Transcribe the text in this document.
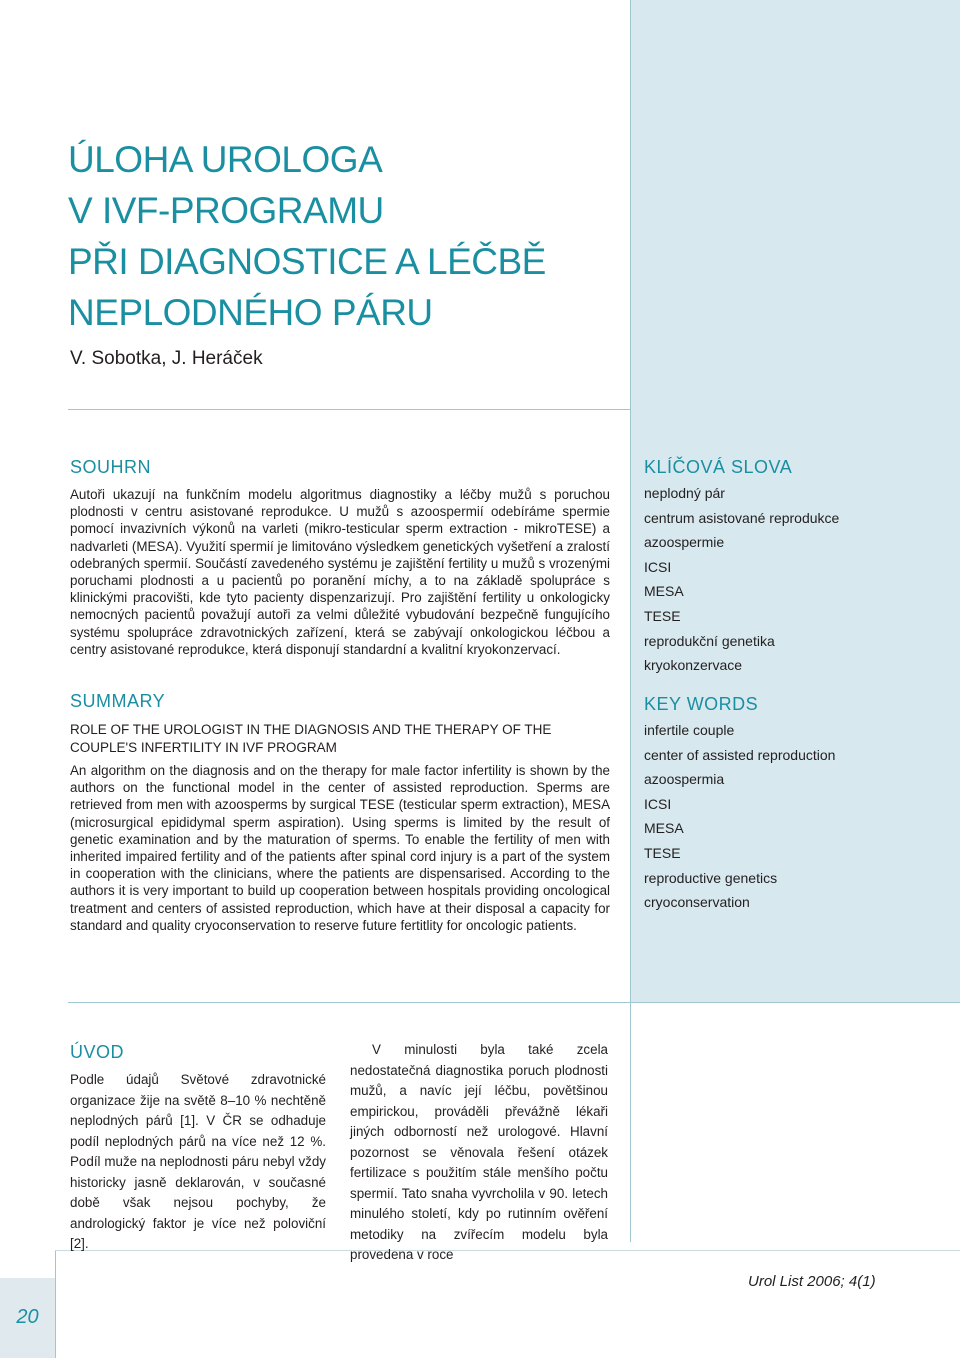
ÚLOHA UROLOGA
V IVF-PROGRAMU
PŘI DIAGNOSTICE A LÉČBĚ
NEPLODNÉHO PÁRU
V. Sobotka, J. Heráček
SOUHRN
Autoři ukazují na funkčním modelu algoritmus diagnostiky a léčby mužů s poruchou plodnosti v centru asistované reprodukce. U mužů s azoospermií odebíráme spermie pomocí invazivních výkonů na varleti (mikro-testicular sperm extraction - mikroTESE) a nadvarleti (MESA). Využití spermií je limitováno výsledkem genetických vyšetření a zralostí odebraných spermií. Součástí zavedeného systému je zajištění fertility u mužů s vrozenými poruchami plodnosti a u pacientů po poranění míchy, a to na základě spolupráce s klinickými pracovišti, kde tyto pacienty dispenzarizují. Pro zajištění fertility u onkologicky nemocných pacientů považují autoři za velmi důležité vybudování bezpečně fungujícího systému spolupráce zdravotnických zařízení, která se zabývají onkologickou léčbou a centry asistované reprodukce, která disponují standardní a kvalitní kryokonzervací.
SUMMARY
ROLE OF THE UROLOGIST IN THE DIAGNOSIS AND THE THERAPY OF THE COUPLE'S INFERTILITY IN IVF PROGRAM
An algorithm on the diagnosis and on the therapy for male factor infertility is shown by the authors on the functional model in the center of assisted reproduction. Sperms are retrieved from men with azoosperms by surgical TESE (testicular sperm extraction), MESA (microsurgical epididymal sperm aspiration). Using sperms is limited by the result of genetic examination and by the maturation of sperms. To enable the fertility of men with inherited impaired fertility and of the patients after spinal cord injury is a part of the system in cooperation with the clinicians, where the patients are dispensarised. According to the authors it is very important to build up cooperation between hospitals providing oncological treatment and centers of assisted reproduction, which have at their disposal a capacity for standard and quality cryoconservation to reserve future fertitlity for oncologic patients.
KLÍČOVÁ SLOVA
neplodný pár
centrum asistované reprodukce
azoospermie
ICSI
MESA
TESE
reprodukční genetika
kryokonzervace
KEY WORDS
infertile couple
center of assisted reproduction
azoospermia
ICSI
MESA
TESE
reproductive genetics
cryoconservation
ÚVOD
Podle údajů Světové zdravotnické organizace žije na světě 8–10 % nechtěně neplodných párů [1]. V ČR se odhaduje podíl neplodných párů na více než 12 %. Podíl muže na neplodnosti páru nebyl vždy historicky jasně deklarován, v současné době však nejsou pochyby, že andrologický faktor je více než poloviční [2].
V minulosti byla také zcela nedostatečná diagnostika poruch plodnosti mužů, a navíc její léčbu, povětšinou empirickou, prováděli převážně lékaři jiných odborností než urologové. Hlavní pozornost se věnovala řešení otázek fertilizace s použitím stále menšího počtu spermií. Tato snaha vyvrcholila v 90. letech minulého století, kdy po rutinním ověření metodiky na zvířecím modelu byla provedena v roce
Urol List 2006; 4(1)
20
